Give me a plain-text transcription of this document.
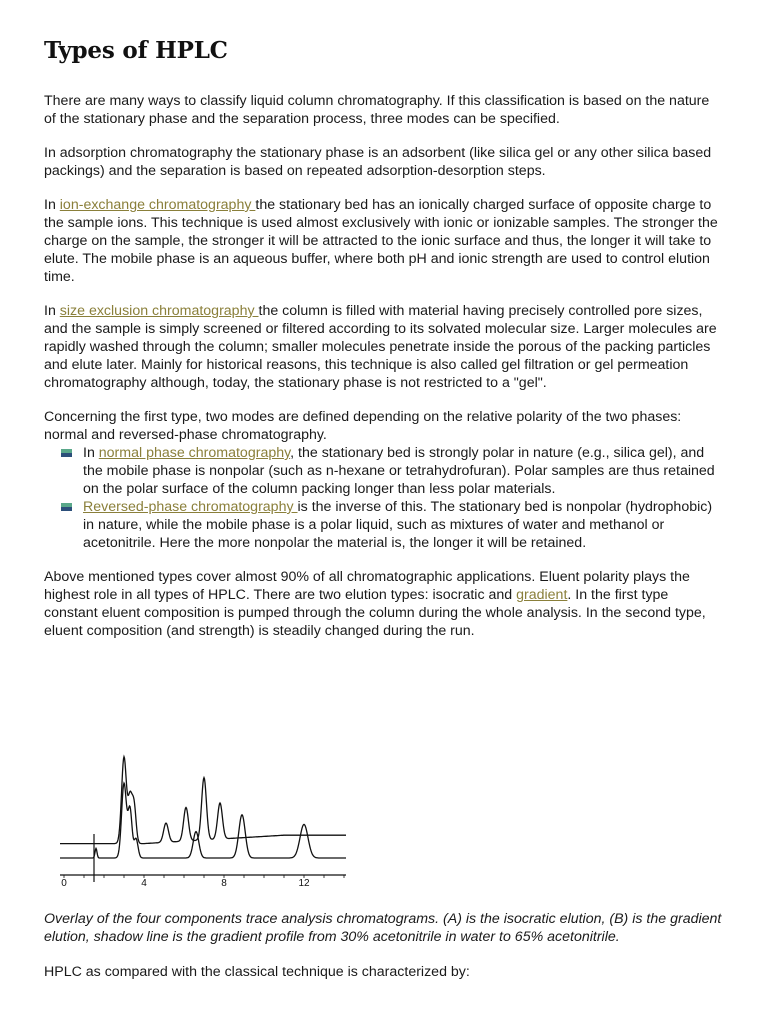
Types of HPLC

There are many ways to classify liquid column chromatography. If this classification is based on the nature of the stationary phase and the separation process, three modes can be specified.

In adsorption chromatography the stationary phase is an adsorbent (like silica gel or any other silica based packings) and the separation is based on repeated adsorption-desorption steps.

In ion-exchange chromatography the stationary bed has an ionically charged surface of opposite charge to the sample ions. This technique is used almost exclusively with ionic or ionizable samples. The stronger the charge on the sample, the stronger it will be attracted to the ionic surface and thus, the longer it will take to elute. The mobile phase is an aqueous buffer, where both pH and ionic strength are used to control elution time.

In size exclusion chromatography the column is filled with material having precisely controlled pore sizes, and the sample is simply screened or filtered according to its solvated molecular size. Larger molecules are rapidly washed through the column; smaller molecules penetrate inside the porous of the packing particles and elute later. Mainly for historical reasons, this technique is also called gel filtration or gel permeation chromatography although, today, the stationary phase is not restricted to a "gel".

Concerning the first type, two modes are defined depending on the relative polarity of the two phases: normal and reversed-phase chromatography.

In normal phase chromatography, the stationary bed is strongly polar in nature (e.g., silica gel), and the mobile phase is nonpolar (such as n-hexane or tetrahydrofuran). Polar samples are thus retained on the polar surface of the column packing longer than less polar materials.
Reversed-phase chromatography is the inverse of this. The stationary bed is nonpolar (hydrophobic) in nature, while the mobile phase is a polar liquid, such as mixtures of water and methanol or acetonitrile. Here the more nonpolar the material is, the longer it will be retained.

Above mentioned types cover almost 90% of all chromatographic applications. Eluent polarity plays the highest role in all types of HPLC. There are two elution types: isocratic and gradient. In the first type constant eluent composition is pumped through the column during the whole analysis. In the second type, eluent composition (and strength) is steadily changed during the run.

0	4	8	12

Overlay of the four components trace analysis chromatograms. (A) is the isocratic elution, (B) is the gradient elution, shadow line is the gradient profile from 30% acetonitrile in water to 65% acetonitrile.

HPLC as compared with the classical technique is characterized by:
